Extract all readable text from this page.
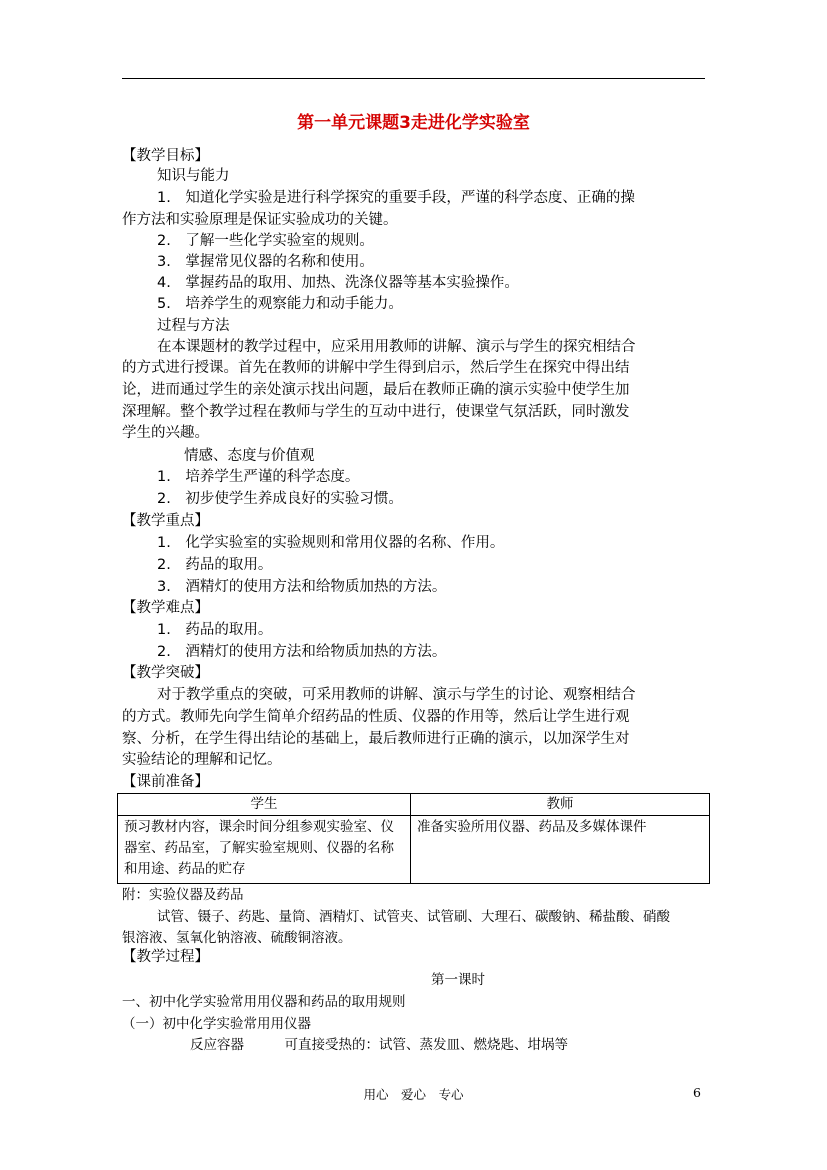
第一单元课题3走进化学实验室
【教学目标】
知识与能力
1.　知道化学实验是进行科学探究的重要手段，严谨的科学态度、正确的操
作方法和实验原理是保证实验成功的关键。
2.　了解一些化学实验室的规则。
3.　掌握常见仪器的名称和使用。
4.　掌握药品的取用、加热、洗涤仪器等基本实验操作。
5.　培养学生的观察能力和动手能力。
过程与方法
在本课题材的教学过程中，应采用用教师的讲解、演示与学生的探究相结合
的方式进行授课。首先在教师的讲解中学生得到启示，然后学生在探究中得出结
论，进而通过学生的亲处演示找出问题，最后在教师正确的演示实验中使学生加
深理解。整个教学过程在教师与学生的互动中进行，使课堂气氛活跃，同时激发
学生的兴趣。
情感、态度与价值观
1.　培养学生严谨的科学态度。
2.　初步使学生养成良好的实验习惯。
【教学重点】
1.　化学实验室的实验规则和常用仪器的名称、作用。
2.　药品的取用。
3.　酒精灯的使用方法和给物质加热的方法。
【教学难点】
1.　药品的取用。
2.　酒精灯的使用方法和给物质加热的方法。
【教学突破】
对于教学重点的突破，可采用教师的讲解、演示与学生的讨论、观察相结合
的方式。教师先向学生简单介绍药品的性质、仪器的作用等，然后让学生进行观
察、分析，在学生得出结论的基础上，最后教师进行正确的演示，以加深学生对
实验结论的理解和记忆。
【课前准备】
学生	教师
预习教材内容，课余时间分组参观实验室、仪器室、药品室，了解实验室规则、仪器的名称和用途、药品的贮存	准备实验所用仪器、药品及多媒体课件
附：实验仪器及药品
试管、镊子、药匙、量筒、酒精灯、试管夹、试管刷、大理石、碳酸钠、稀盐酸、硝酸
银溶液、氢氧化钠溶液、硫酸铜溶液。
【教学过程】
第一课时
一、初中化学实验常用用仪器和药品的取用规则
（一）初中化学实验常用用仪器
反应容器　　　可直接受热的：试管、蒸发皿、燃烧匙、坩埚等
用心　爱心　专心	6
